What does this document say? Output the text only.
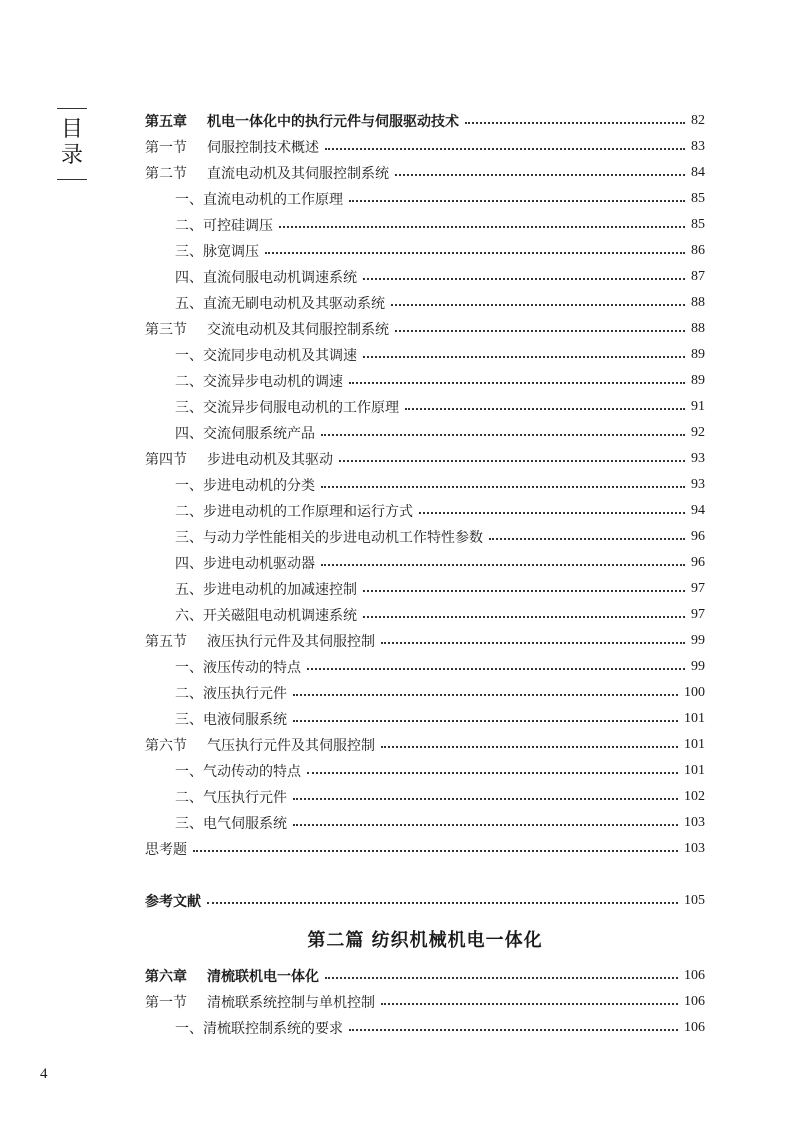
目
录
第五章 机电一体化中的执行元件与伺服驱动技术	82
第一节 伺服控制技术概述	83
第二节 直流电动机及其伺服控制系统	84
一、直流电动机的工作原理	85
二、可控硅调压	85
三、脉宽调压	86
四、直流伺服电动机调速系统	87
五、直流无刷电动机及其驱动系统	88
第三节 交流电动机及其伺服控制系统	88
一、交流同步电动机及其调速	89
二、交流异步电动机的调速	89
三、交流异步伺服电动机的工作原理	91
四、交流伺服系统产品	92
第四节 步进电动机及其驱动	93
一、步进电动机的分类	93
二、步进电动机的工作原理和运行方式	94
三、与动力学性能相关的步进电动机工作特性参数	96
四、步进电动机驱动器	96
五、步进电动机的加减速控制	97
六、开关磁阻电动机调速系统	97
第五节 液压执行元件及其伺服控制	99
一、液压传动的特点	99
二、液压执行元件	100
三、电液伺服系统	101
第六节 气压执行元件及其伺服控制	101
一、气动传动的特点	101
二、气压执行元件	102
三、电气伺服系统	103
思考题	103
参考文献	105
第二篇 纺织机械机电一体化
第六章 清梳联机电一体化	106
第一节 清梳联系统控制与单机控制	106
一、清梳联控制系统的要求	106
4
